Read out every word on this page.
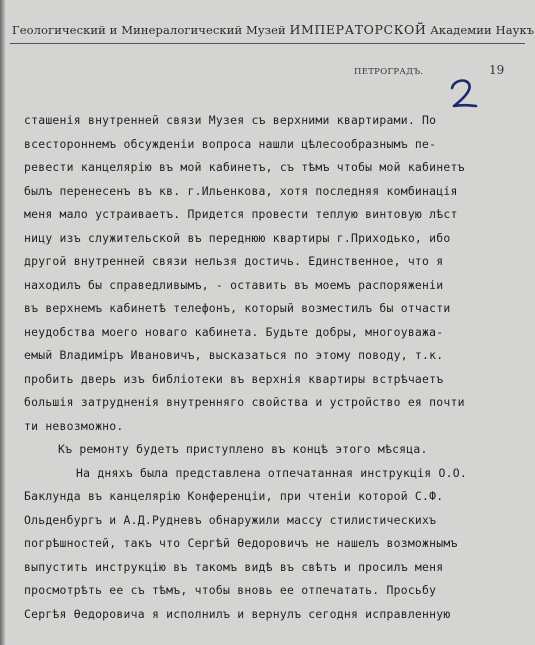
Геологический и Минералогический Музей ИМПЕРАТОРСКОЙ Академии Наукъ
ПЕТРОГРАДЪ.	19
сташенія внутренней связи Музея съ верхними квартирами. По
всестороннемъ обсужденіи вопроса нашли цѣлесообразнымъ пе-
ревести канцелярію въ мой кабинетъ, съ тѣмъ чтобы мой кабинетъ
былъ перенесенъ въ кв. г.Ильенкова, хотя последняя комбинація
меня мало устраиваетъ. Придется провести теплую винтовую лѣст
ницу изъ служительской въ переднюю квартиры г.Приходько, ибо
другой внутренней связи нельзя достичь. Единственное, что я
находилъ бы справедливымъ, - оставить въ моемъ распоряженіи
въ верхнемъ кабинетѣ телефонъ, который возместилъ бы отчасти
неудобства моего новаго кабинета. Будьте добры, многоуважа-
емый Владиміръ Ивановичъ, высказаться по этому поводу, т.к.
пробить дверь изъ библіотеки въ верхнія квартиры встрѣчаетъ
большія затрудненія внутренняго свойства и устройство ея почти
ти невозможно.
Къ ремонту будетъ приступлено въ концѣ этого мѣсяца.
На дняхъ была представлена отпечатанная инструкція О.О.
Баклунда въ канцелярію Конференціи, при чтеніи которой С.Ф.
Ольденбургъ и А.Д.Рудневъ обнаружили массу стилистическихъ
погрѣшностей, такъ что Сергѣй Ѳедоровичъ не нашелъ возможнымъ
выпустить инструкцію въ такомъ видѣ въ свѣтъ и просилъ меня
просмотрѣть ее съ тѣмъ, чтобы вновь ее отпечатать. Просьбу
Сергѣя Ѳедоровича я исполнилъ и вернулъ сегодня исправленную
